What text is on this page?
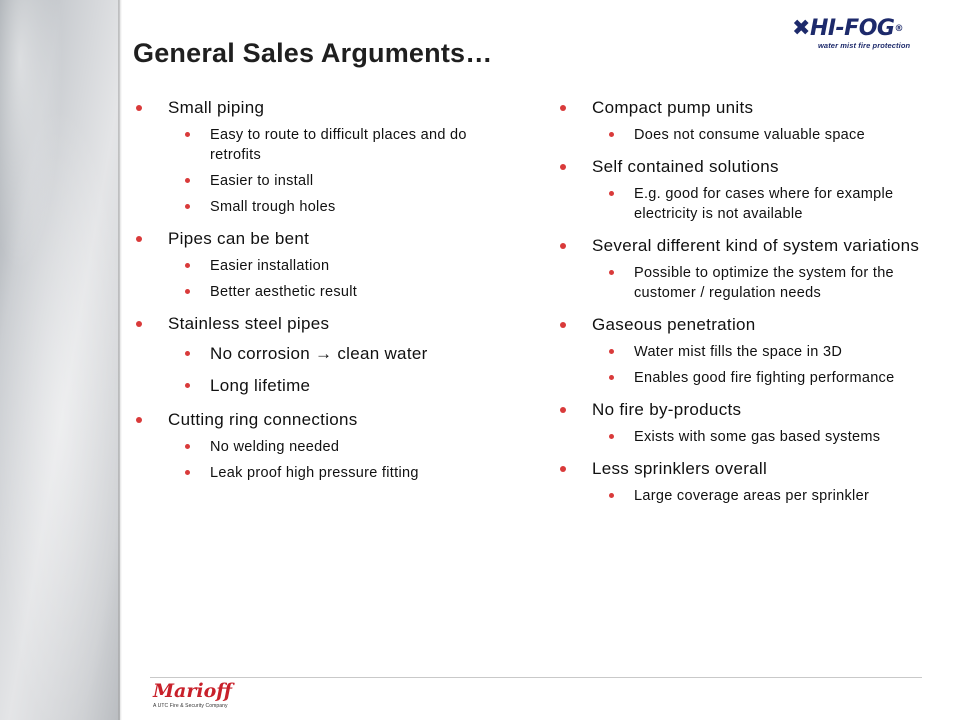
General Sales Arguments…
✖HI-FOG®
water mist fire protection
Small piping
Easy to route to difficult places and do retrofits
Easier to install
Small trough holes
Pipes can be bent
Easier installation
Better aesthetic result
Stainless steel pipes
No corrosion → clean water
Long lifetime
Cutting ring connections
No welding needed
Leak proof high pressure fitting
Compact pump units
Does not consume valuable space
Self contained solutions
E.g. good for cases where for example electricity is not available
Several different kind of system variations
Possible to optimize the system for the customer / regulation needs
Gaseous penetration
Water mist fills the space in 3D
Enables good fire fighting performance
No fire by-products
Exists with some gas based systems
Less sprinklers overall
Large coverage areas per sprinkler
Marioff
A UTC Fire & Security Company
